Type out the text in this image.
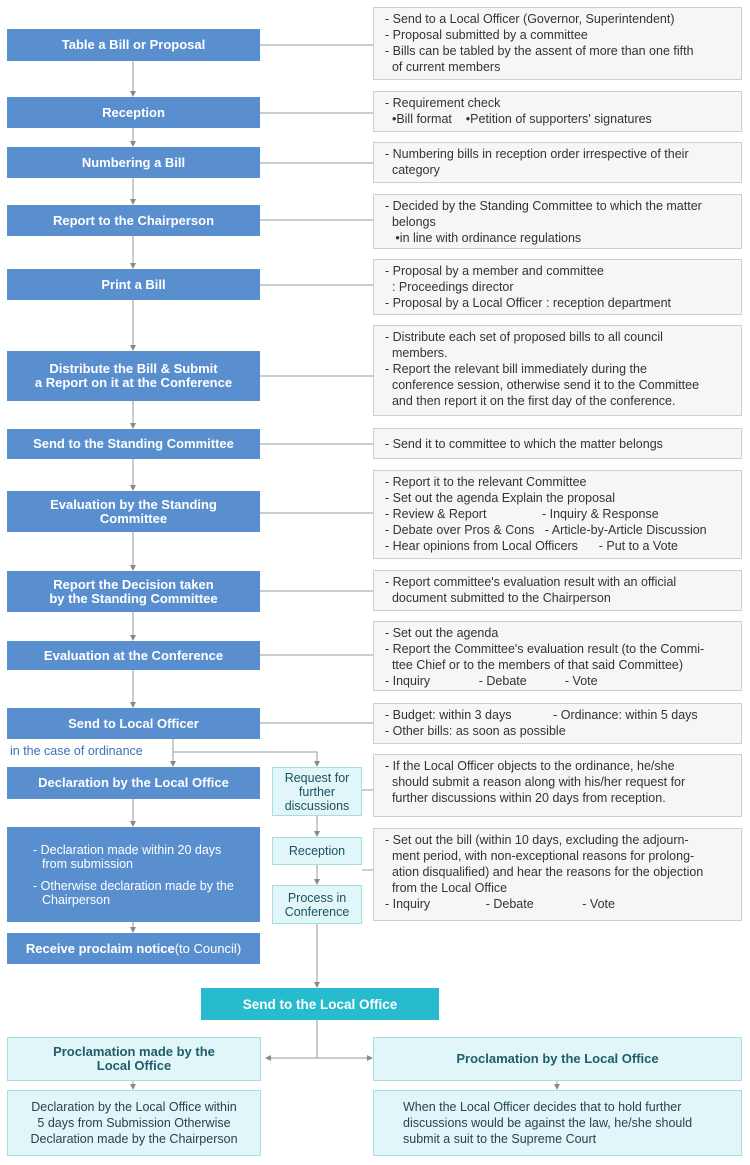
Table a Bill or Proposal
Reception
Numbering a Bill
Report to the Chairperson
Print a Bill
Distribute the Bill & Submit
a Report on it at the Conference
Send to the Standing Committee
Evaluation by the Standing
Committee
Report the Decision taken
by the Standing Committee
Evaluation at the Conference
Send to Local Officer
in the case of ordinance
Declaration by the Local Office
- Declaration made within 20 days
from submission
- Otherwise declaration made by the
Chairperson
Receive proclaim notice(to Council)
Request for
further
discussions
Reception
Process in
Conference
- Send to a Local Officer (Governor, Superintendent)
- Proposal submitted by a committee
- Bills can be tabled by the assent of more than one fifth
of current members
- Requirement check
•Bill format    •Petition of supporters' signatures
- Numbering bills in reception order irrespective of their
category
- Decided by the Standing Committee to which the matter
belongs
•in line with ordinance regulations
- Proposal by a member and committee
: Proceedings director
- Proposal by a Local Officer : reception department
- Distribute each set of proposed bills to all council
members.
- Report the relevant bill immediately during the
conference session, otherwise send it to the Committee
and then report it on the first day of the conference.
- Send it to committee to which the matter belongs
- Report it to the relevant Committee
- Set out the agenda Explain the proposal
- Review & Report                - Inquiry & Response
- Debate over Pros & Cons   - Article-by-Article Discussion
- Hear opinions from Local Officers      - Put to a Vote
- Report committee's evaluation result with an official
document submitted to the Chairperson
- Set out the agenda
- Report the Committee's evaluation result (to the Commi-
ttee Chief or to the members of that said Committee)
- Inquiry              - Debate           - Vote
- Budget: within 3 days            - Ordinance: within 5 days
- Other bills: as soon as possible
- If the Local Officer objects to the ordinance, he/she
should submit a reason along with his/her request for
further discussions within 20 days from reception.
- Set out the bill (within 10 days, excluding the adjourn-
ment period, with non-exceptional reasons for prolong-
ation disqualified) and hear the reasons for the objection
from the Local Office
- Inquiry                - Debate              - Vote
Send to the Local Office
Proclamation made by the
Local Office
Declaration by the Local Office within
5 days from Submission Otherwise
Declaration made by the Chairperson
Proclamation by the Local Office
When the Local Officer decides that to hold further
discussions would be against the law, he/she should
submit a suit to the Supreme Court
